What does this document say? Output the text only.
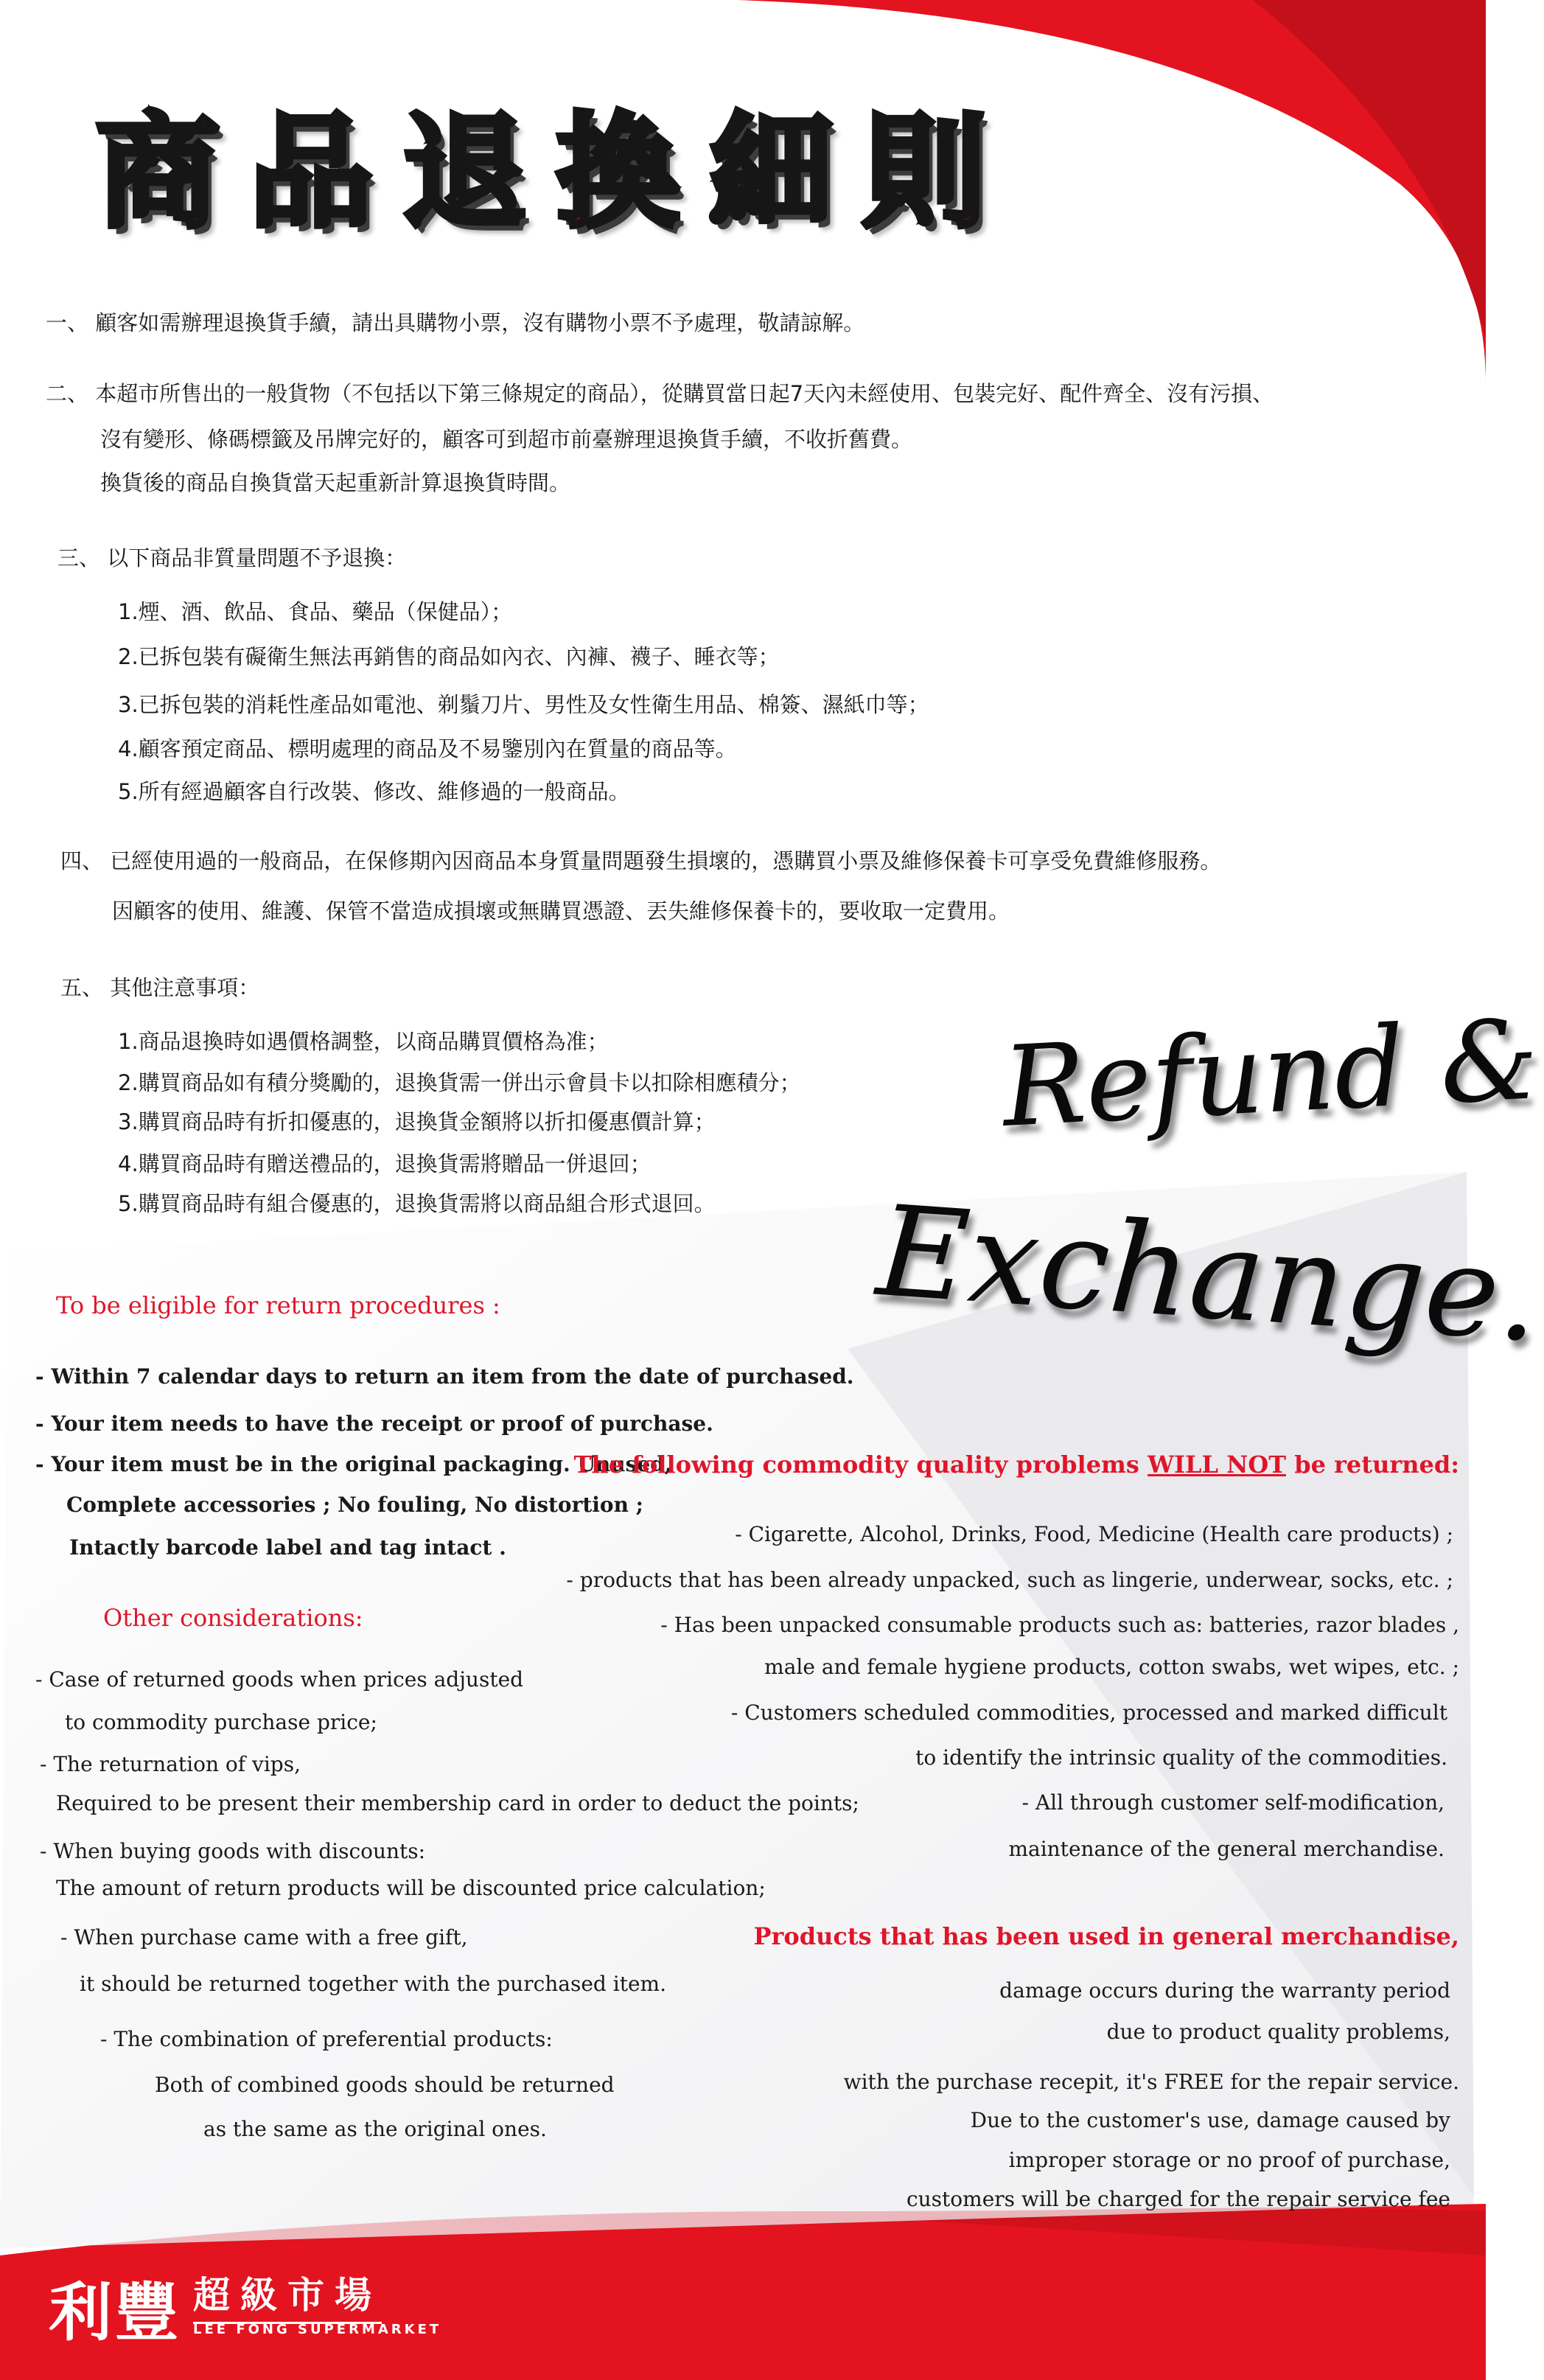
商品退換細則
一、 顧客如需辦理退換貨手續，請出具購物小票，沒有購物小票不予處理，敬請諒解。
二、 本超市所售出的一般貨物（不包括以下第三條規定的商品），從購買當日起7天內未經使用、包裝完好、配件齊全、沒有污損、
沒有變形、條碼標籤及吊牌完好的，顧客可到超市前臺辦理退換貨手續，不收折舊費。
換貨後的商品自換貨當天起重新計算退換貨時間。
三、 以下商品非質量問題不予退換：
1.煙、酒、飲品、食品、藥品（保健品）；
2.已拆包裝有礙衛生無法再銷售的商品如內衣、內褲、襪子、睡衣等；
3.已拆包裝的消耗性產品如電池、剃鬚刀片、男性及女性衛生用品、棉簽、濕紙巾等；
4.顧客預定商品、標明處理的商品及不易鑒別內在質量的商品等。
5.所有經過顧客自行改裝、修改、維修過的一般商品。
四、 已經使用過的一般商品，在保修期內因商品本身質量問題發生損壞的，憑購買小票及維修保養卡可享受免費維修服務。
因顧客的使用、維護、保管不當造成損壞或無購買憑證、丟失維修保養卡的，要收取一定費用。
五、 其他注意事項：
1.商品退換時如遇價格調整，以商品購買價格為准；
2.購買商品如有積分獎勵的，退換貨需一併出示會員卡以扣除相應積分；
3.購買商品時有折扣優惠的，退換貨金額將以折扣優惠價計算；
4.購買商品時有贈送禮品的，退換貨需將贈品一併退回；
5.購買商品時有組合優惠的，退換貨需將以商品組合形式退回。
Refund &
Exchange.
To be eligible for return procedures :
- Within 7 calendar days to return an item from the date of purchased.
- Your item needs to have the receipt or proof of purchase.
- Your item must be in the original packaging. Unused,
Complete accessories ; No fouling, No distortion ;
Intactly barcode label and tag intact .
Other considerations:
- Case of returned goods when prices adjusted
to commodity purchase price;
- The returnation of vips,
Required to be present their membership card in order to deduct the points;
- When buying goods with discounts:
The amount of return products will be discounted price calculation;
- When purchase came with a free gift,
it should be returned together with the purchased item.
- The combination of preferential products:
Both of combined goods should be returned
as the same as the original ones.
The following commodity quality problems WILL NOT be returned:
- Cigarette, Alcohol, Drinks, Food, Medicine (Health care products) ;
- products that has been already unpacked, such as lingerie, underwear, socks, etc. ;
- Has been unpacked consumable products such as: batteries, razor blades ,
male and female hygiene products, cotton swabs, wet wipes, etc. ;
- Customers scheduled commodities, processed and marked difficult
to identify the intrinsic quality of the commodities.
- All through customer self-modification,
maintenance of the general merchandise.
Products that has been used in general merchandise,
damage occurs during the warranty period
due to product quality problems,
with the purchase recepit, it's FREE for the repair service.
Due to the customer's use, damage caused by
improper storage or no proof of purchase,
customers will be charged for the repair service fee
利豐 超級市場
LEE FONG SUPERMARKET
